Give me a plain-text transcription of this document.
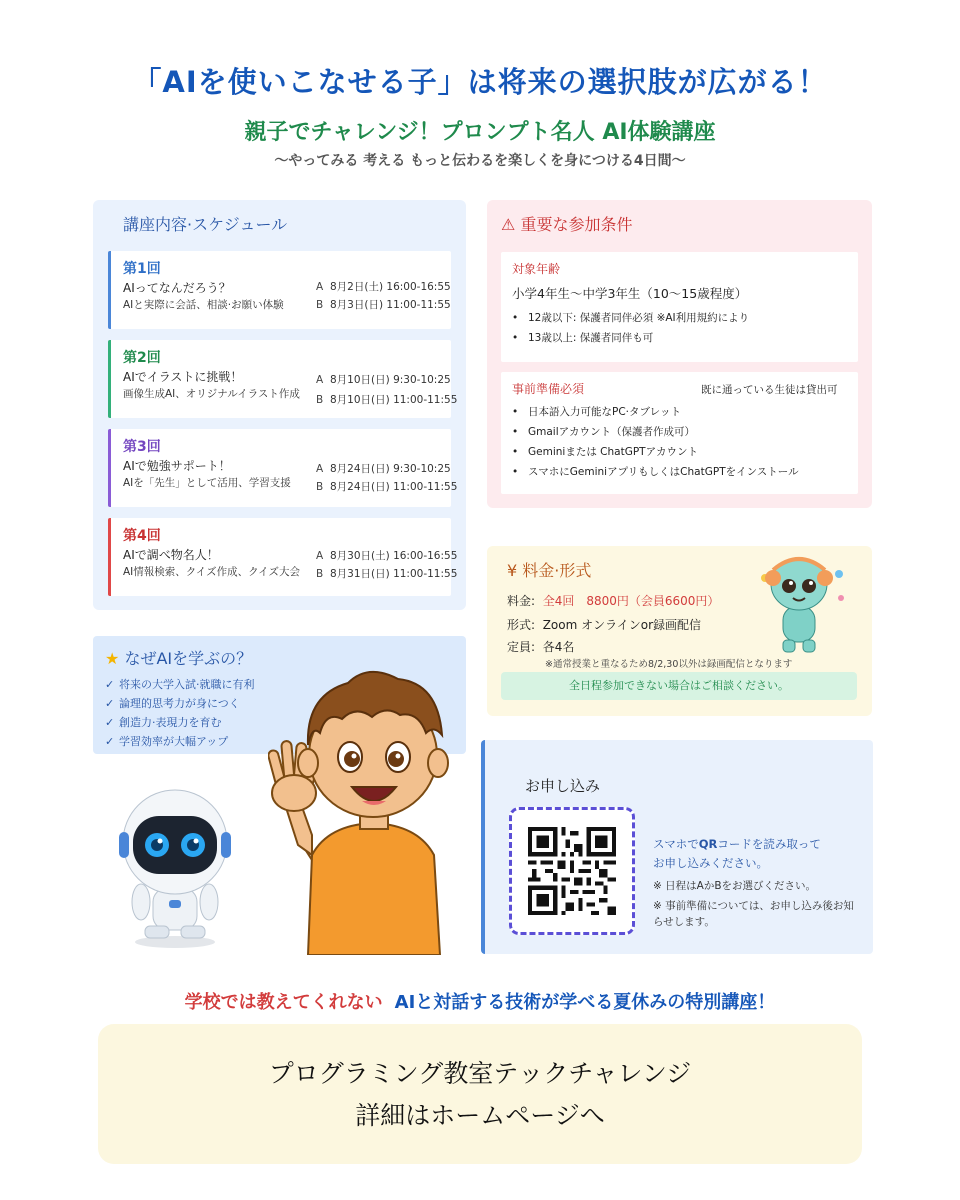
「AIを使いこなせる子」は将来の選択肢が広がる！
親子でチャレンジ！プロンプト名人 AI体験講座
〜やってみる 考える もっと伝わるを楽しくを身につける4日間〜
講座内容·スケジュール
第1回
AIってなんだろう？
AIと実際に会話、相談·お願い体験
A 8月2日(土) 16:00-16:55
B 8月3日(日) 11:00-11:55
第2回
AIでイラストに挑戦！
画像生成AI、オリジナルイラスト作成
A 8月10日(日) 9:30-10:25
B 8月10日(日) 11:00-11:55
第3回
AIで勉強サポート！
AIを「先生」として活用、学習支援
A 8月24日(日) 9:30-10:25
B 8月24日(日) 11:00-11:55
第4回
AIで調べ物名人！
AI情報検索、クイズ作成、クイズ大会
A 8月30日(土) 16:00-16:55
B 8月31日(日) 11:00-11:55
★ なぜAIを学ぶの？
✓ 将来の大学入試·就職に有利
✓ 論理的思考力が身につく
✓ 創造力·表現力を育む
✓ 学習効率が大幅アップ
⚠ 重要な参加条件
対象年齢
小学4年生〜中学3年生（10〜15歳程度）
• 12歳以下: 保護者同伴必須 ※AI利用規約により
• 13歳以上: 保護者同伴も可
事前準備必須	既に通っている生徒は貸出可
• 日本語入力可能なPC·タブレット
• Gmailアカウント（保護者作成可）
• Geminiまたは ChatGPTアカウント
• スマホにGeminiアプリもしくはChatGPTをインストール
¥ 料金·形式
料金: 全4回　8800円（会員6600円）
形式: Zoom オンラインor録画配信
定員: 各4名
※通常授業と重なるため8/2,30以外は録画配信となります
全日程参加できない場合はご相談ください。
お申し込み
スマホでQRコードを読み取って
お申し込みください。
※ 日程はAかBをお選びください。
※ 事前準備については、お申し込み後お知らせします。
学校では教えてくれない AIと対話する技術が学べる夏休みの特別講座！
プログラミング教室テックチャレンジ
詳細はホームページへ
